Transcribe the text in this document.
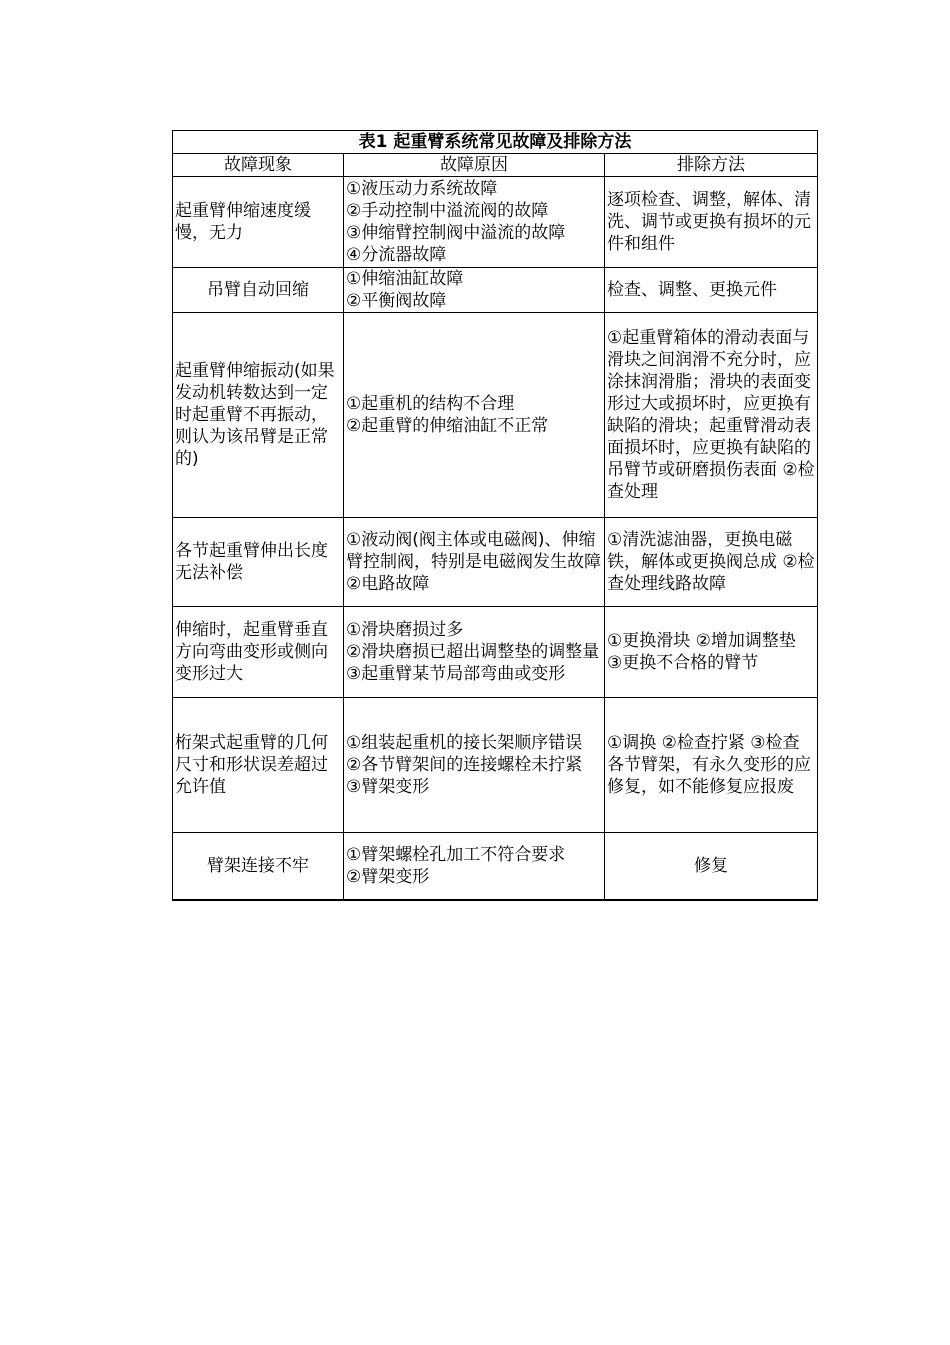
表1 起重臂系统常见故障及排除方法		
故障现象	故障原因	排除方法

起重臂伸缩速度缓慢，无力	①液压动力系统故障
②手动控制中溢流阀的故障
③伸缩臂控制阀中溢流的故障
④分流器故障	逐项检查、调整，解体、清洗、调节或更换有损坏的元件和组件

吊臂自动回缩	①伸缩油缸故障
②平衡阀故障	检查、调整、更换元件

起重臂伸缩振动(如果发动机转数达到一定时起重臂不再振动，则认为该吊臂是正常的)	①起重机的结构不合理
②起重臂的伸缩油缸不正常	①起重臂箱体的滑动表面与滑块之间润滑不充分时，应涂抹润滑脂；滑块的表面变形过大或损坏时，应更换有缺陷的滑块；起重臂滑动表面损坏时，应更换有缺陷的吊臂节或研磨损伤表面 ②检查处理

各节起重臂伸出长度无法补偿	①液动阀(阀主体或电磁阀)、伸缩臂控制阀，特别是电磁阀发生故障
②电路故障	①清洗滤油器，更换电磁铁，解体或更换阀总成 ②检查处理线路故障

伸缩时，起重臂垂直方向弯曲变形或侧向变形过大	①滑块磨损过多
②滑块磨损已超出调整垫的调整量
③起重臂某节局部弯曲或变形	①更换滑块 ②增加调整垫 ③更换不合格的臂节

桁架式起重臂的几何尺寸和形状误差超过允许值	①组装起重机的接长架顺序错误
②各节臂架间的连接螺栓未拧紧
③臂架变形	①调换 ②检查拧紧 ③检查各节臂架，有永久变形的应修复，如不能修复应报废

臂架连接不牢	①臂架螺栓孔加工不符合要求
②臂架变形	修复
